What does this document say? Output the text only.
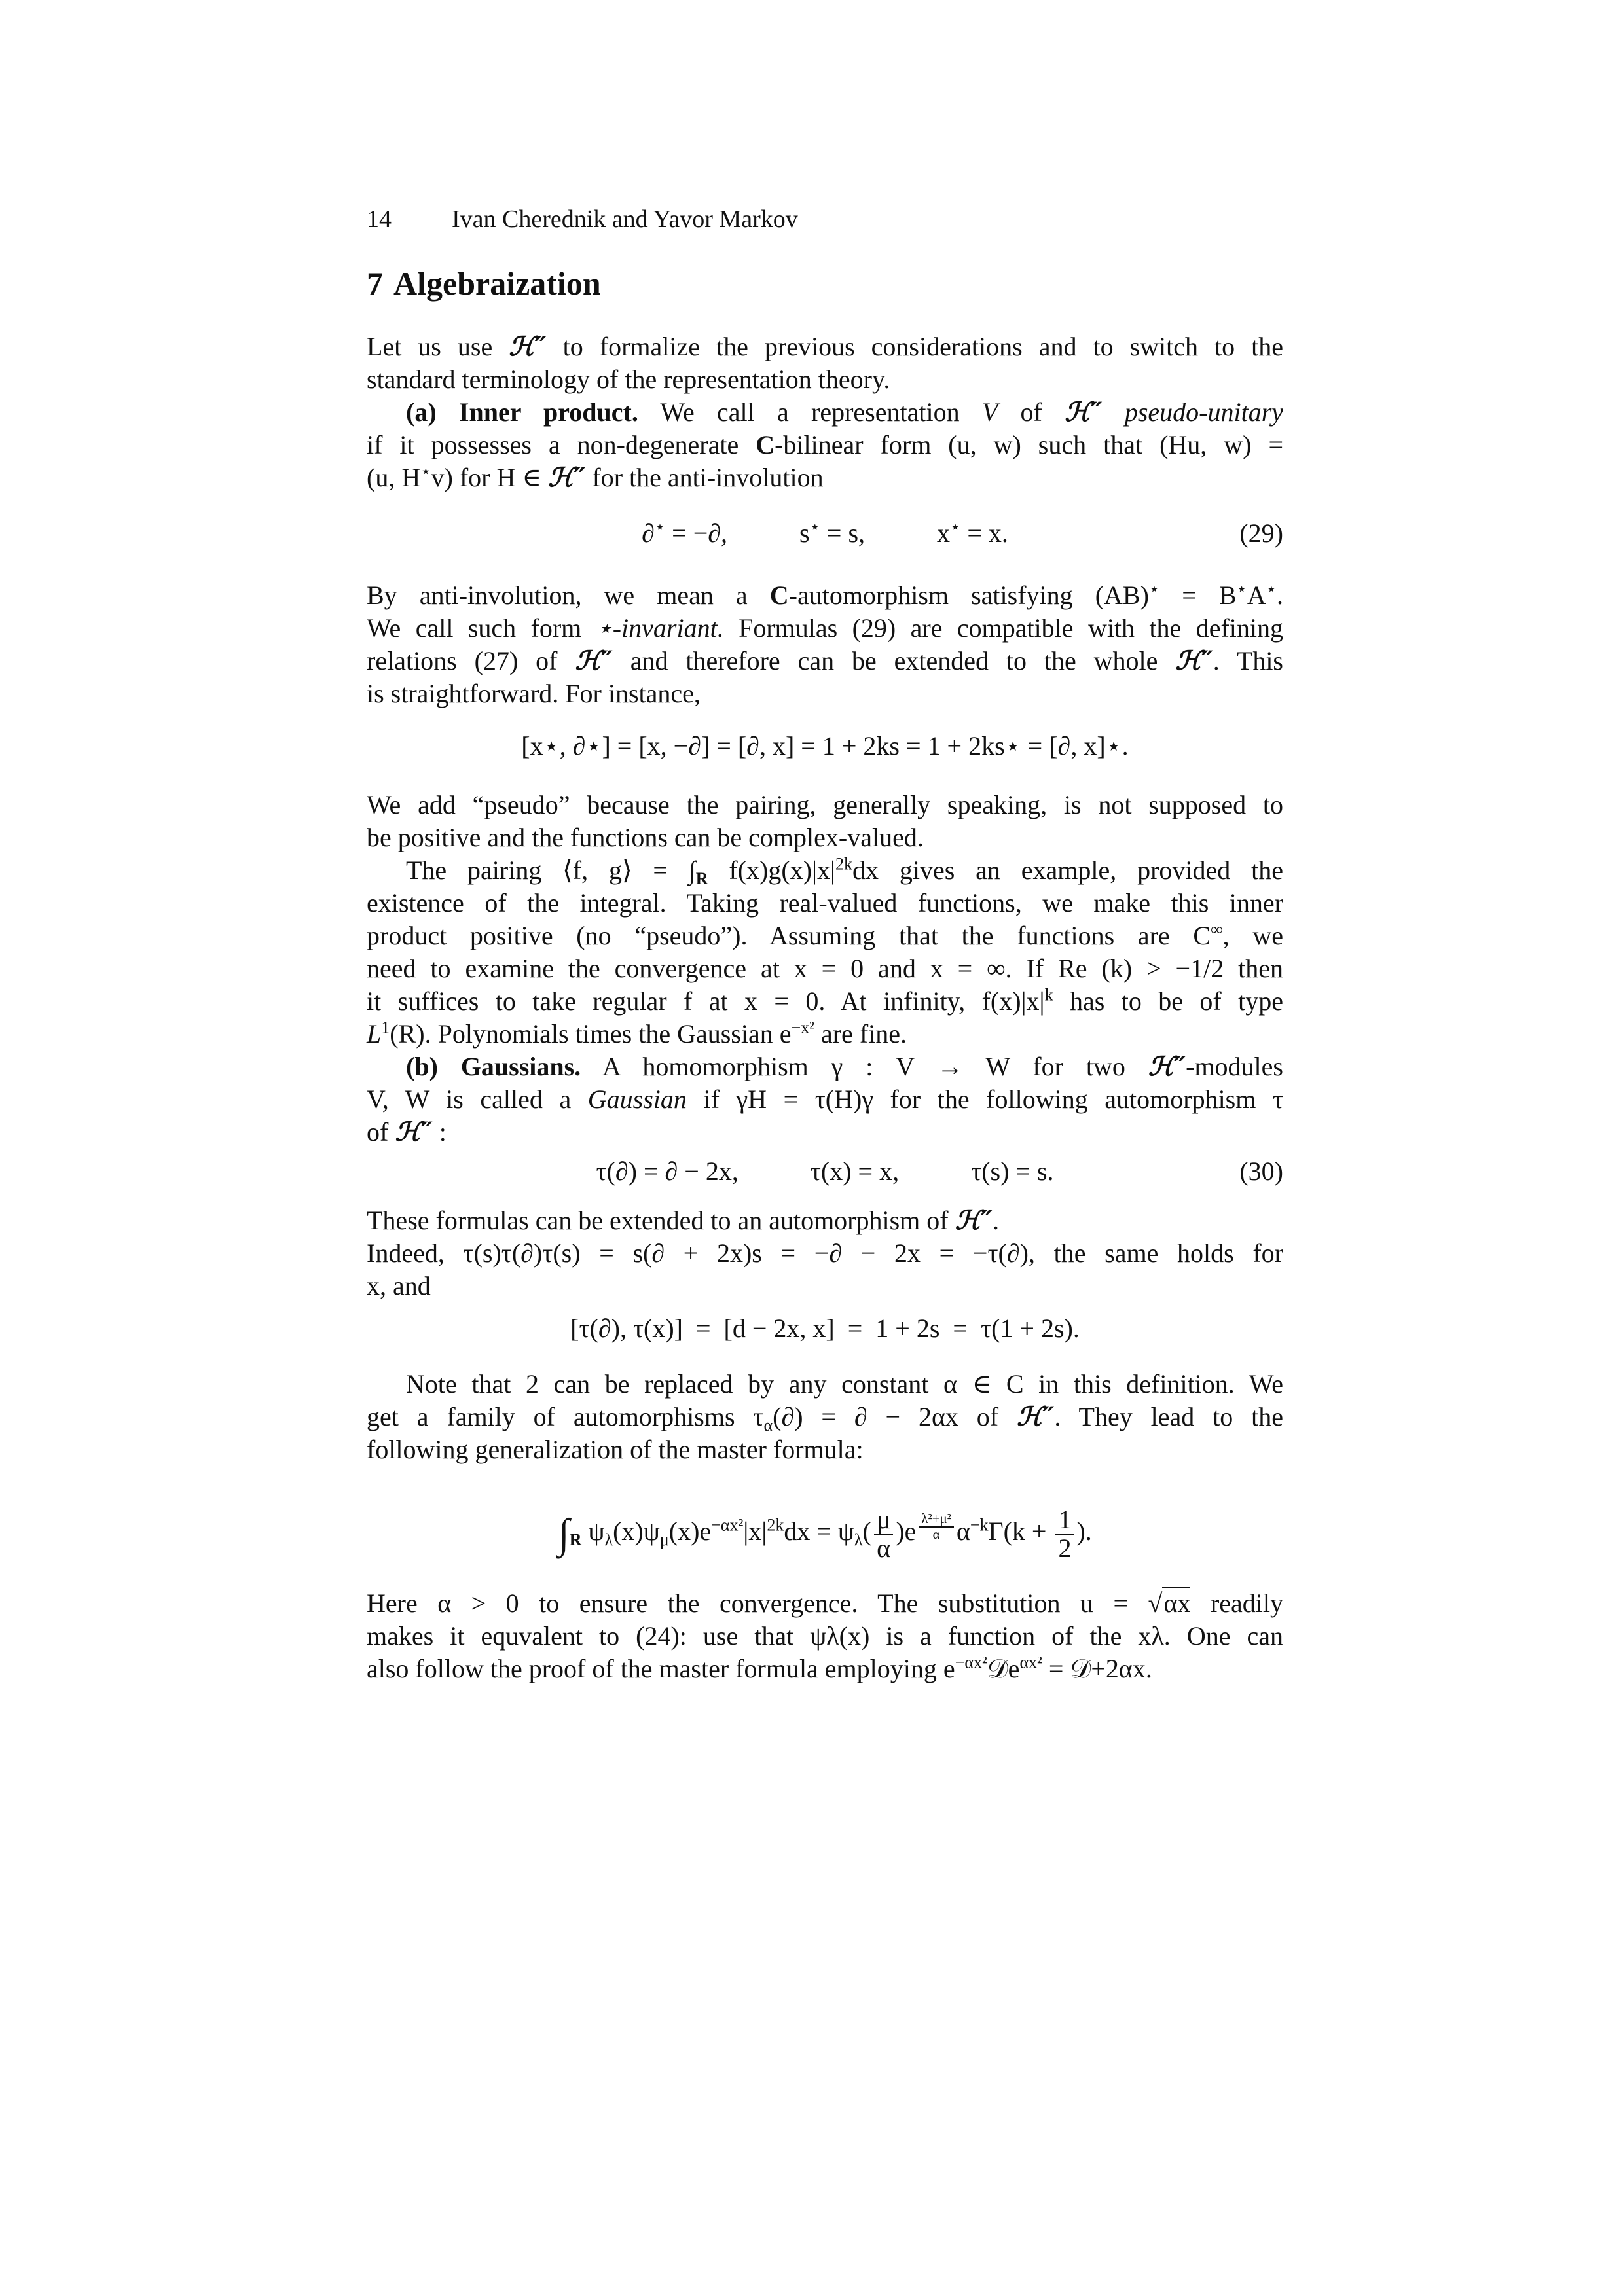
14 Ivan Cherednik and Yavor Markov
7 Algebraization
Let us use ℋ″ to formalize the previous considerations and to switch to the
standard terminology of the representation theory.
(a) Inner product. We call a representation V of ℋ″ pseudo-unitary
if it possesses a non-degenerate C-bilinear form (u, w) such that (Hu, w) =
(u, H⋆v) for H ∈ ℋ″ for the anti-involution
∂⋆ = −∂,	s⋆ = s,	x⋆ = x.	(29)
By anti-involution, we mean a C-automorphism satisfying (AB)⋆ = B⋆A⋆.
We call such form ⋆-invariant. Formulas (29) are compatible with the defining
relations (27) of ℋ″ and therefore can be extended to the whole ℋ″. This
is straightforward. For instance,
[x⋆, ∂⋆] = [x, −∂] = [∂, x] = 1 + 2ks = 1 + 2ks⋆ = [∂, x]⋆.
We add “pseudo” because the pairing, generally speaking, is not supposed to
be positive and the functions can be complex-valued.
The pairing ⟨f, g⟩ = $\int_R$ $f(x)g(x)|x|^{2k}dx$ gives an example, provided the
existence of the integral. Taking real-valued functions, we make this inner
product positive (no “pseudo”). Assuming that the functions are C∞, we
need to examine the convergence at x = 0 and x = ∞. If Re (k) > −1/2 then
it suffices to take regular f at x = 0. At infinity, $f(x)|x|^k$ has to be of type
$L^1(R)$. Polynomials times the Gaussian $e^{-x^2}$ are fine.
(b) Gaussians. A homomorphism γ : V → W for two ℋ″-modules
V, W is called a Gaussian if γH = τ(H)γ for the following automorphism τ
of ℋ″ :
τ(∂) = ∂ − 2x,	τ(x) = x,	τ(s) = s.	(30)
These formulas can be extended to an automorphism of ℋ″.
Indeed, τ(s)τ(∂)τ(s) = s(∂ + 2x)s = −∂ − 2x = −τ(∂), the same holds for
x, and
[τ(∂), τ(x)]  =  [d − 2x, x]  =  1 + 2s  =  τ(1 + 2s).
Note that 2 can be replaced by any constant α ∈ C in this definition. We
get a family of automorphisms $\tau_\alpha(\partial)$ = ∂ − 2αx of ℋ″. They lead to the
following generalization of the master formula:
$\int_R$ $\psi_\lambda(x)\psi_\mu(x)e^{-\alpha x^2}|x|^{2k}dx = \psi_\lambda( \frac{\mu}{\alpha} )e$ $^{\frac{\text{λ²+μ²}}{\alpha}}$ $\alpha^{-k}\Gamma(k + \frac{1}{2}$ ).
Here α > 0 to ensure the convergence. The substitution u = √αx readily
makes it equvalent to (24): use that ψλ(x) is a function of the xλ. One can
also follow the proof of the master formula employing $e^{-\alpha x^2}𝒟e^{\alpha x^2}$ = 𝒟+2αx.
